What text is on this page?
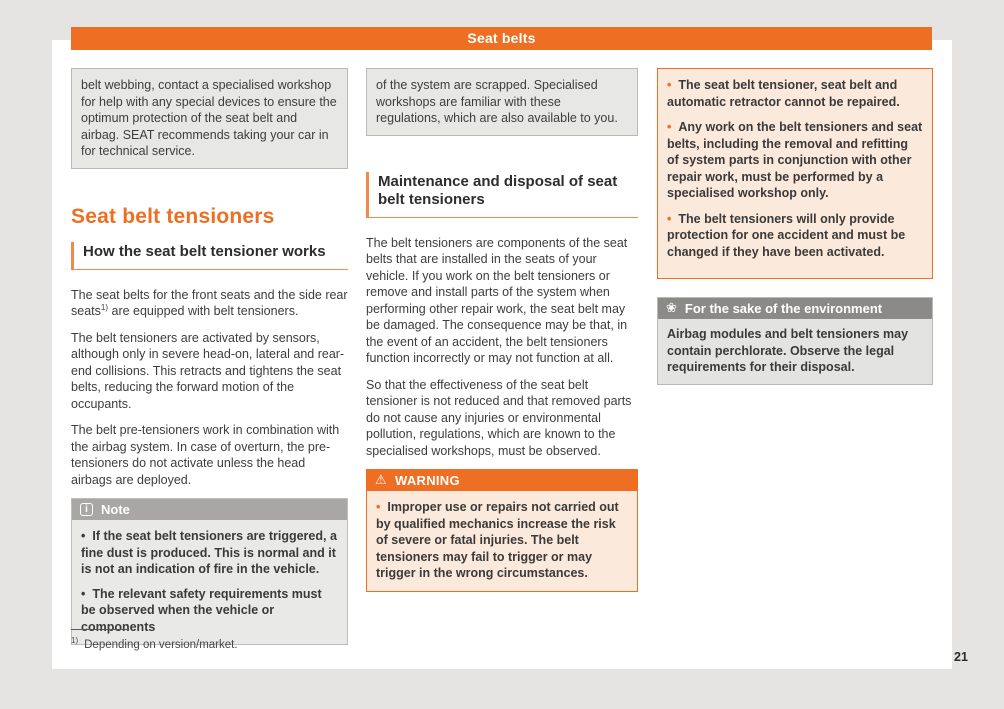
belt webbing, contact a specialised workshop for help with any special devices to ensure the optimum protection of the seat belt and airbag. SEAT recommends taking your car in for technical service.
Seat belt tensioners
How the seat belt tensioner works

The seat belts for the front seats and the side rear seats$^{1)}$ are equipped with belt tensioners.

The belt tensioners are activated by sensors, although only in severe head-on, lateral and rear-end collisions. This retracts and tightens the seat belts, reducing the forward motion of the occupants.

The belt pre-tensioners work in combination with the airbag system. In case of overturn, the pre-tensioners do not activate unless the head airbags are deployed.

i	Note

• If the seat belt tensioners are triggered, a fine dust is produced. This is normal and it is not an indication of fire in the vehicle.

• The relevant safety requirements must be observed when the vehicle or components

of the system are scrapped. Specialised workshops are familiar with these regulations, which are also available to you.
Maintenance and disposal of seat belt tensioners

The belt tensioners are components of the seat belts that are installed in the seats of your vehicle. If you work on the belt tensioners or remove and install parts of the system when performing other repair work, the seat belt may be damaged. The consequence may be that, in the event of an accident, the belt tensioners function incorrectly or may not function at all.

So that the effectiveness of the seat belt tensioner is not reduced and that removed parts do not cause any injuries or environmental pollution, regulations, which are known to the specialised workshops, must be observed.

⚠ WARNING

• Improper use or repairs not carried out by qualified mechanics increase the risk of severe or fatal injuries. The belt tensioners may fail to trigger or may trigger in the wrong circumstances.

• The seat belt tensioner, seat belt and automatic retractor cannot be repaired.

• Any work on the belt tensioners and seat belts, including the removal and refitting of system parts in conjunction with other repair work, must be performed by a specialised workshop only.

• The belt tensioners will only provide protection for one accident and must be changed if they have been activated.

❀ For the sake of the environment
Airbag modules and belt tensioners may contain perchlorate. Observe the legal requirements for their disposal.

$^{1)}$ Depending on version/market.

Seat belts
21
